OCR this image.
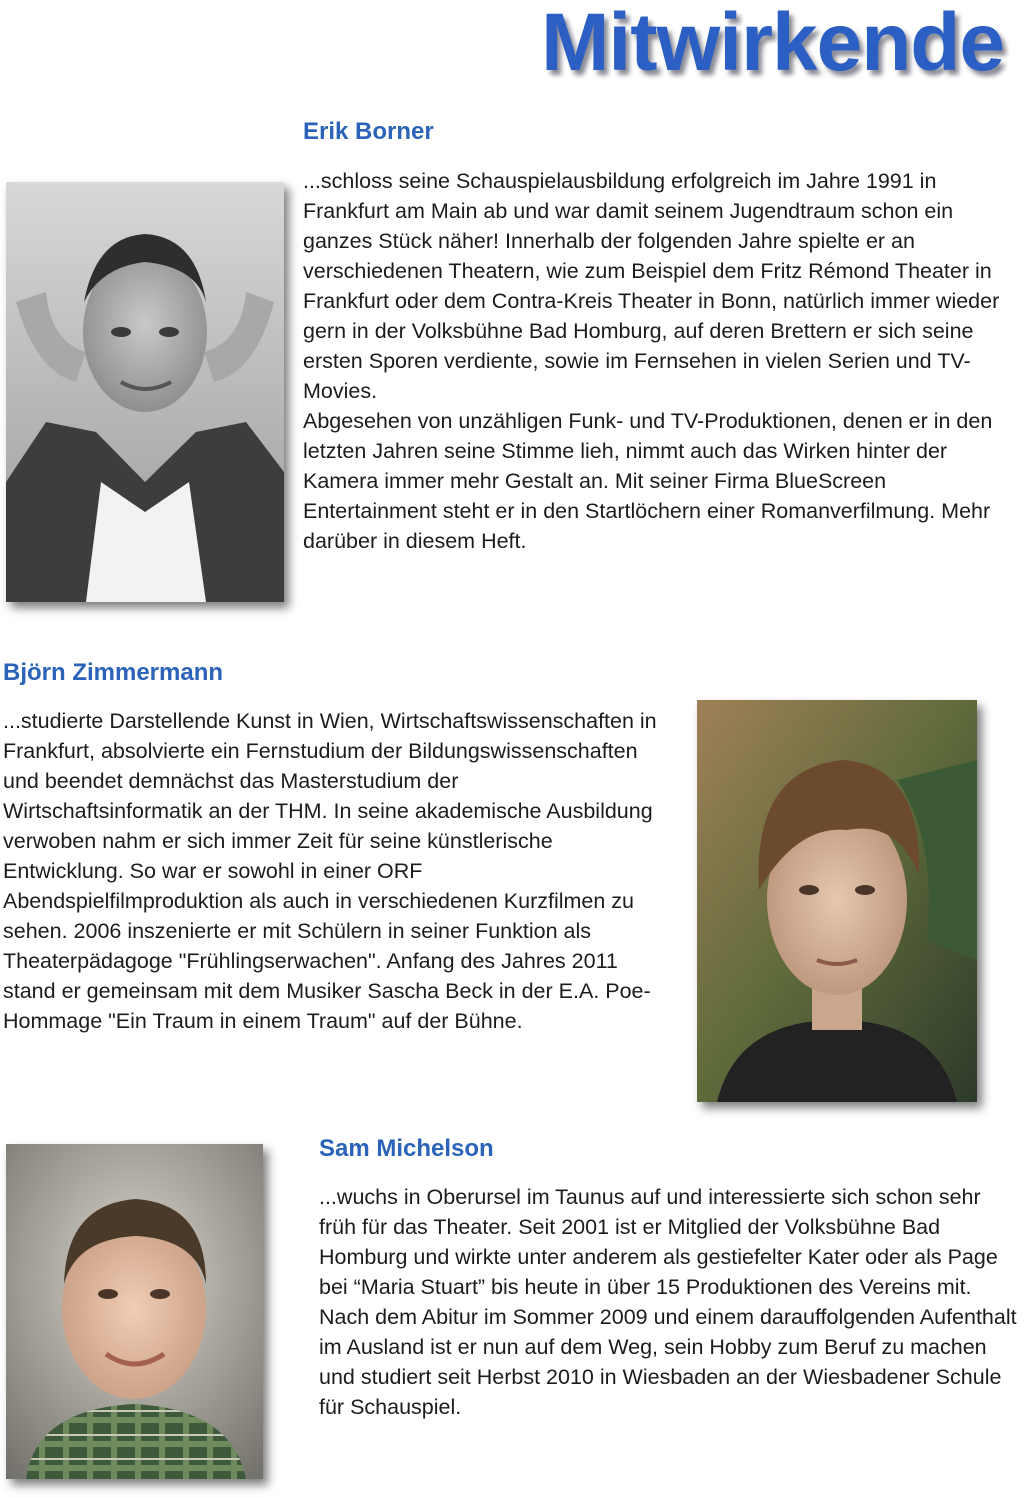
Mitwirkende
Erik Borner

...schloss seine Schauspielausbildung erfolgreich im Jahre 1991 in Frankfurt am Main ab und war damit seinem Jugendtraum schon ein ganzes Stück näher! Innerhalb der folgenden Jahre spielte er an verschiedenen Theatern, wie zum Beispiel dem Fritz Rémond Theater in Frankfurt oder dem Contra-Kreis Theater in Bonn, natürlich immer wieder gern in der Volksbühne Bad Homburg, auf deren Brettern er sich seine ersten Sporen verdiente, sowie im Fernsehen in vielen Serien und TV-Movies.

Abgesehen von unzähligen Funk- und TV-Produktionen, denen er in den letzten Jahren seine Stimme lieh, nimmt auch das Wirken hinter der Kamera immer mehr Gestalt an. Mit seiner Firma BlueScreen Entertainment steht er in den Startlöchern einer Romanverfilmung. Mehr darüber in diesem Heft.

Björn Zimmermann

...studierte Darstellende Kunst in Wien, Wirtschaftswissenschaften in Frankfurt, absolvierte ein Fernstudium der Bildungswissenschaften und beendet demnächst das Masterstudium der Wirtschaftsinformatik an der THM. In seine akademische Ausbildung verwoben nahm er sich immer Zeit für seine künstlerische Entwicklung. So war er sowohl in einer ORF Abendspielfilmproduktion als auch in verschiedenen Kurzfilmen zu sehen. 2006 inszenierte er mit Schülern in seiner Funktion als Theaterpädagoge "Frühlingserwachen". Anfang des Jahres 2011 stand er gemeinsam mit dem Musiker Sascha Beck in der E.A. Poe-Hommage "Ein Traum in einem Traum" auf der Bühne.

Sam Michelson

...wuchs in Oberursel im Taunus auf und interessierte sich schon sehr früh für das Theater. Seit 2001 ist er Mitglied der Volksbühne Bad Homburg und wirkte unter anderem als gestiefelter Kater oder als Page bei “Maria Stuart” bis heute in über 15 Produktionen des Vereins mit. Nach dem Abitur im Sommer 2009 und einem darauffolgenden Aufenthalt im Ausland ist er nun auf dem Weg, sein Hobby zum Beruf zu machen und studiert seit Herbst 2010 in Wiesbaden an der Wiesbadener Schule für Schauspiel.
